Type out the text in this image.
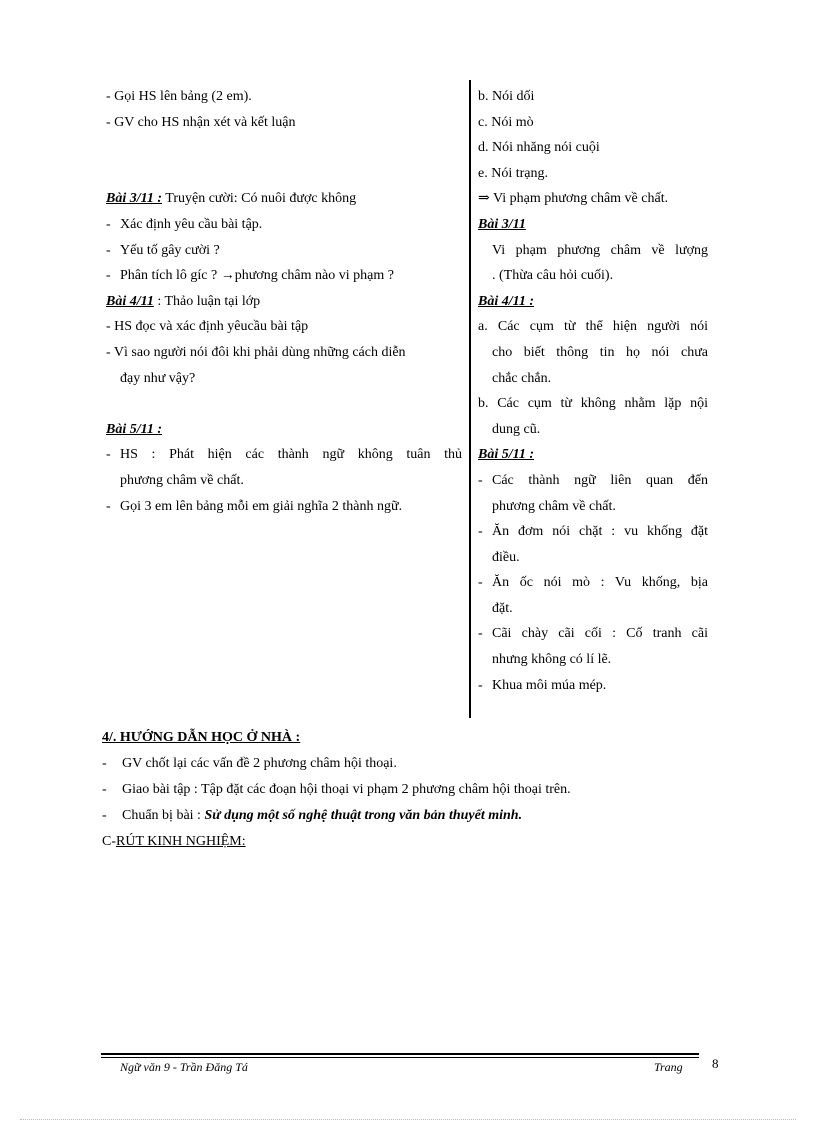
- Gọi HS lên bảng (2 em).
- GV cho HS nhận xét và kết luận
Bài 3/11 : Truyện cười: Có nuôi được không
- Xác định yêu cầu bài tập.
- Yếu tố gây cười ?
- Phân tích lô gíc ? →phương châm nào vi phạm ?
Bài 4/11 : Thảo luận tại lớp
- HS đọc và xác định yêucầu bài tập
- Vì sao người nói đôi khi phải dùng những cách diễn
đạy như vậy?
Bài 5/11 :
- HS : Phát hiện các thành ngữ không tuân thủ
phương châm về chất.
- Gọi 3 em lên bảng mỗi em giải nghĩa 2 thành ngữ.
b. Nói dối
c. Nói mò
d. Nói nhăng nói cuội
e. Nói trạng.
⇒ Vi phạm phương châm về chất.
Bài 3/11
Vi phạm phương châm về lượng
. (Thừa câu hỏi cuối).
Bài 4/11 :
a. Các cụm từ thể hiện người nói
cho biết thông tin họ nói chưa
chắc chắn.
b. Các cụm từ không nhằm lặp nội
dung cũ.
Bài 5/11 :
- Các thành ngữ liên quan đến
phương châm về chất.
- Ăn đơm nói chặt : vu khống đặt
điều.
- Ăn ốc nói mò : Vu khống, bịa
đặt.
- Cãi chày cãi cối : Cố tranh cãi
nhưng không có lí lẽ.
- Khua môi múa mép.
4/. HƯỚNG DẪN HỌC Ở NHÀ :
- GV chốt lại các vấn đề 2 phương châm hội thoại.
- Giao bài tập : Tập đặt các đoạn hội thoại vi phạm 2 phương châm hội thoại trên.
- Chuẩn bị bài : Sử dụng một số nghệ thuật trong văn bản thuyết minh.
C-RÚT KINH NGHIỆM:
Ngữ văn 9 - Trần Đăng Tá	Trang 8
